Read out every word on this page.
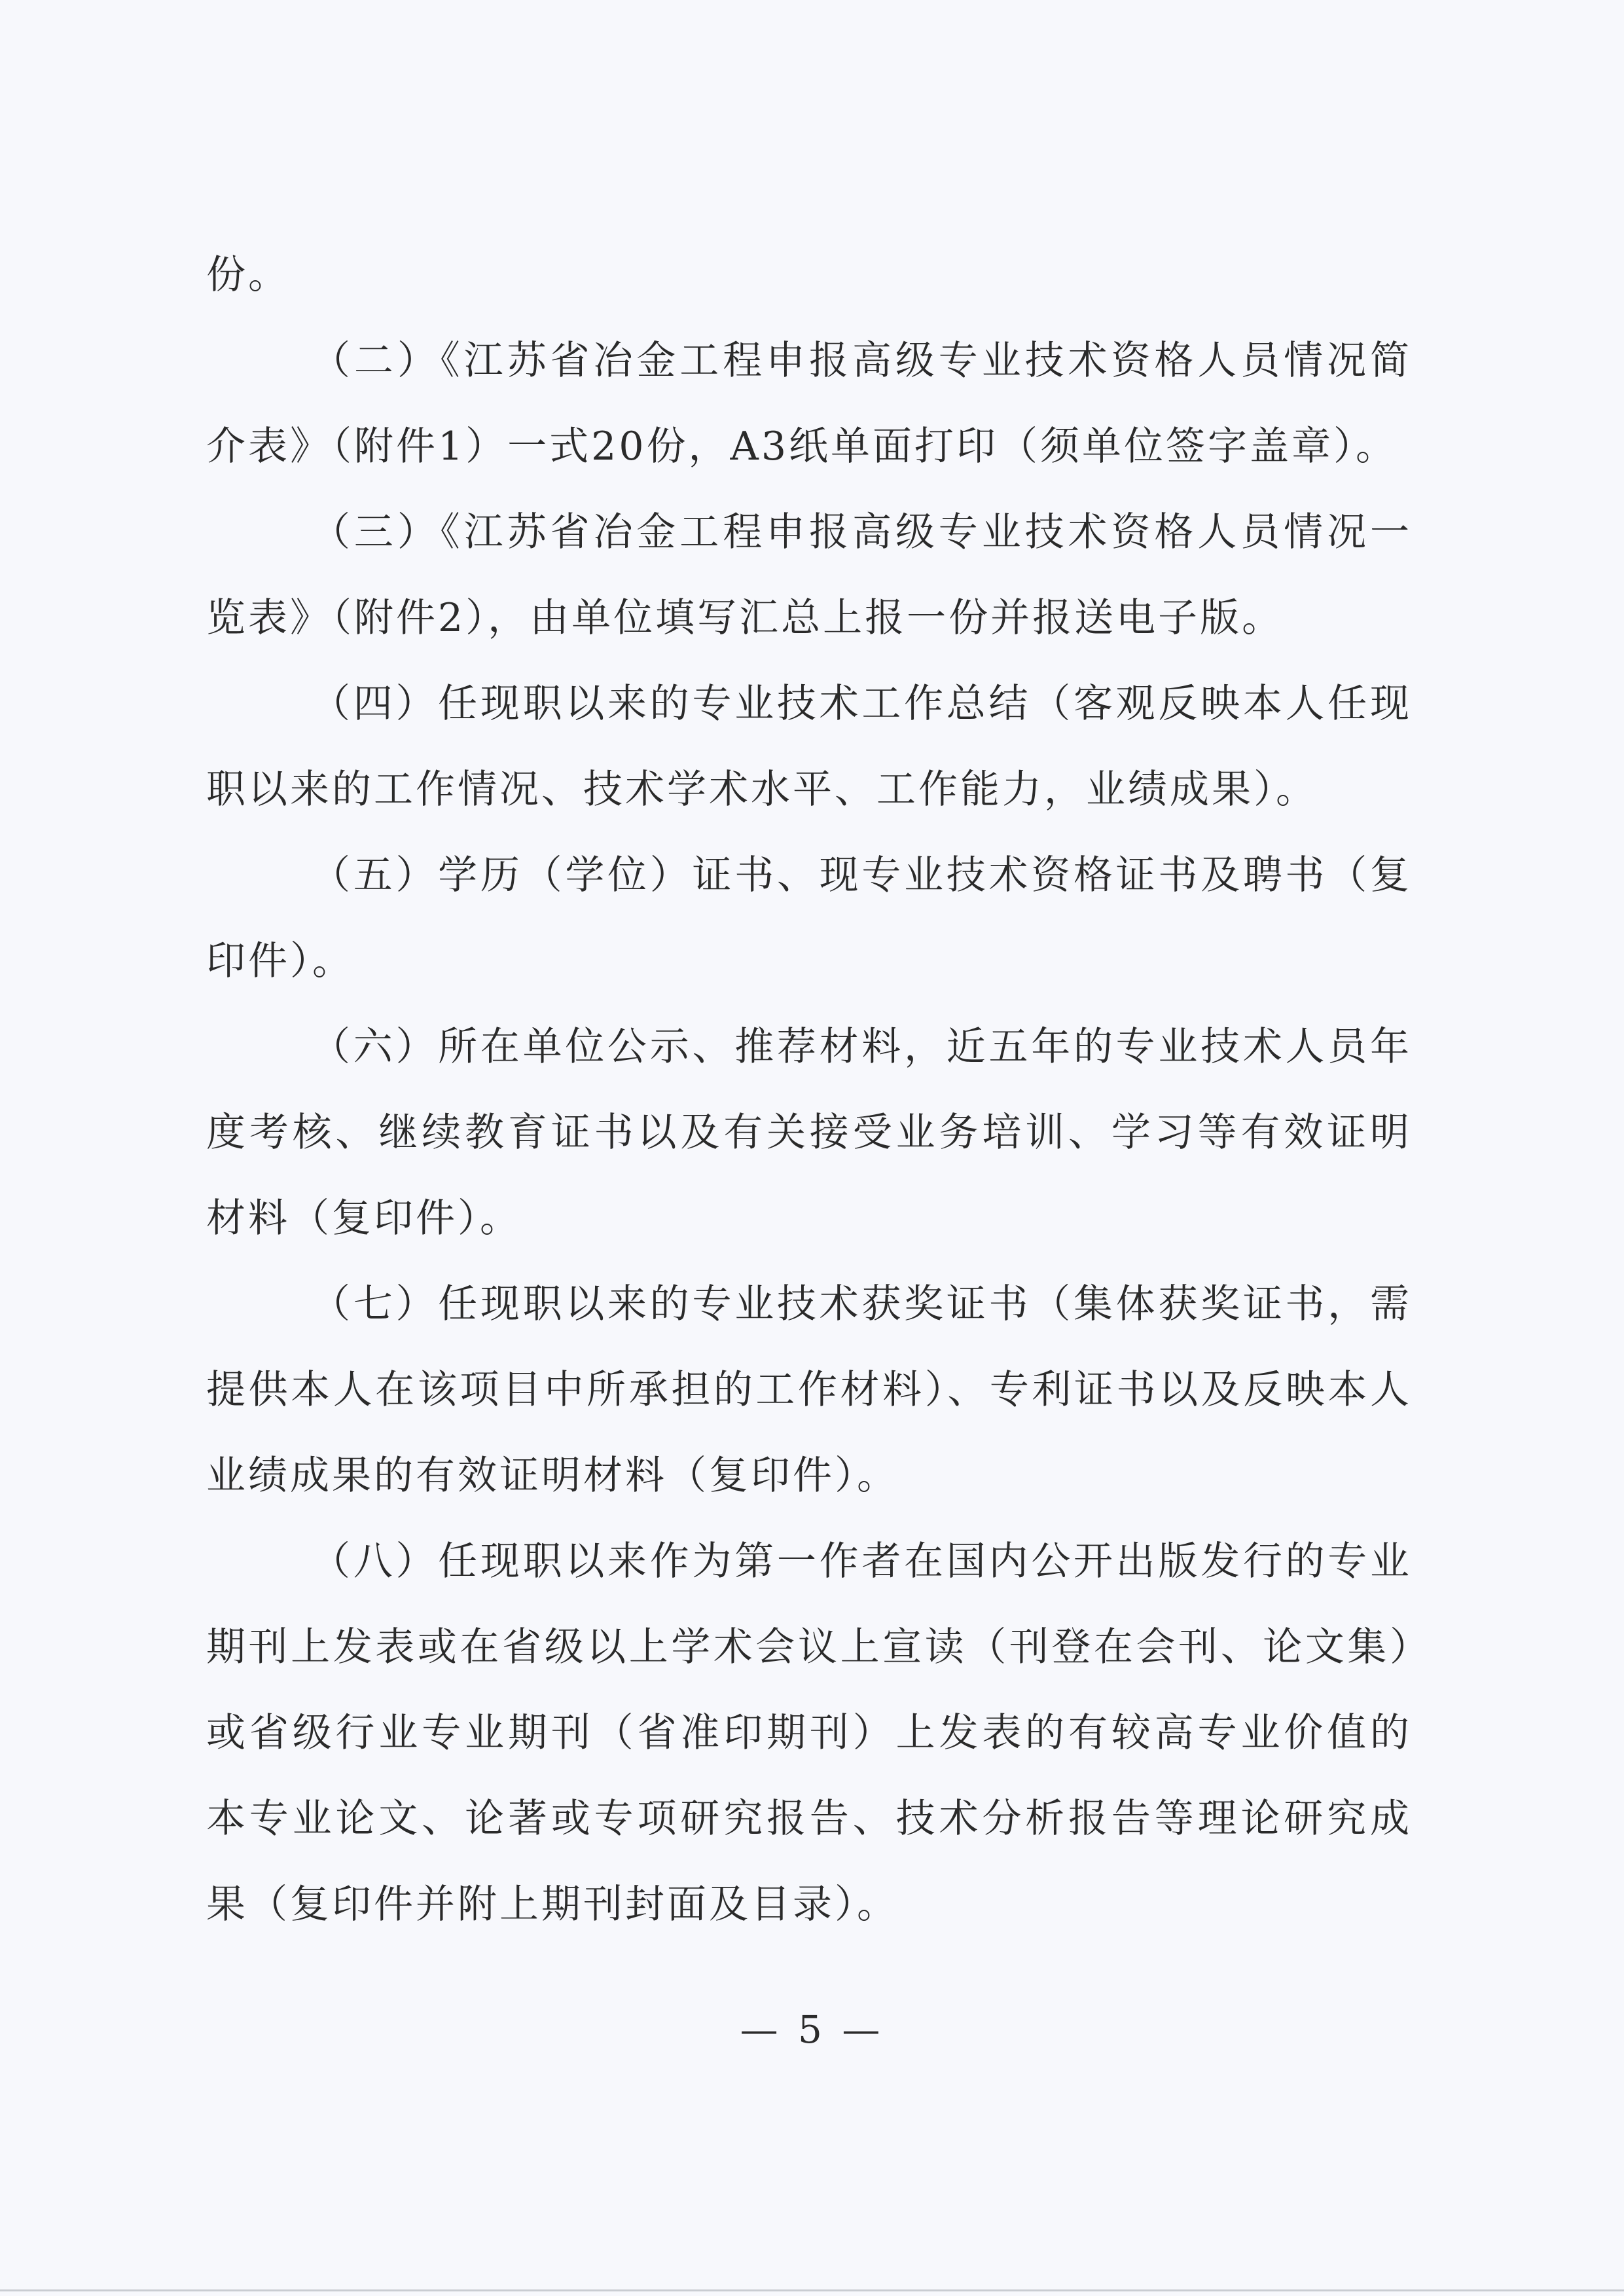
份。

（二）《江苏省冶金工程申报高级专业技术资格人员情况简介表》（附件1）一式20份，A3纸单面打印（须单位签字盖章）。

（三）《江苏省冶金工程申报高级专业技术资格人员情况一览表》（附件2），由单位填写汇总上报一份并报送电子版。

（四）任现职以来的专业技术工作总结（客观反映本人任现职以来的工作情况、技术学术水平、工作能力，业绩成果）。

（五）学历（学位）证书、现专业技术资格证书及聘书（复印件）。

（六）所在单位公示、推荐材料，近五年的专业技术人员年度考核、继续教育证书以及有关接受业务培训、学习等有效证明材料（复印件）。

（七）任现职以来的专业技术获奖证书（集体获奖证书，需提供本人在该项目中所承担的工作材料）、专利证书以及反映本人业绩成果的有效证明材料（复印件）。

（八）任现职以来作为第一作者在国内公开出版发行的专业期刊上发表或在省级以上学术会议上宣读（刊登在会刊、论文集）或省级行业专业期刊（省准印期刊）上发表的有较高专业价值的本专业论文、论著或专项研究报告、技术分析报告等理论研究成果（复印件并附上期刊封面及目录）。

— 5 —
